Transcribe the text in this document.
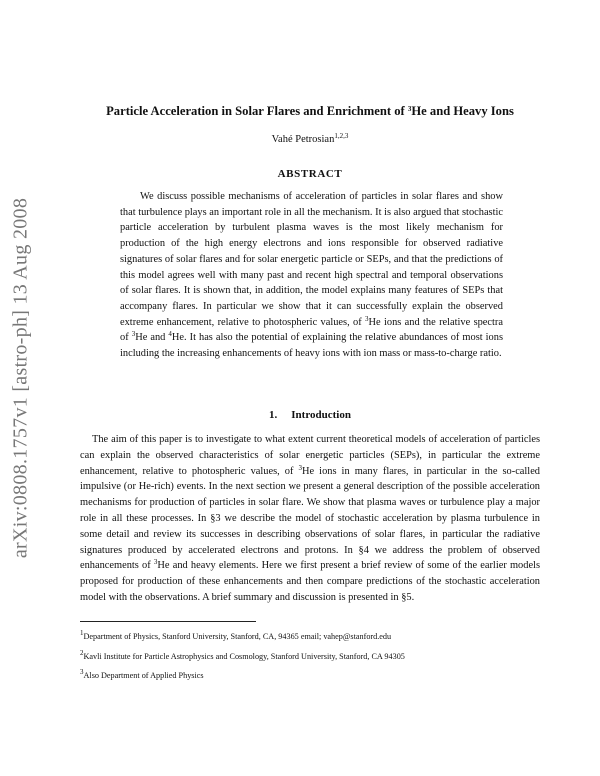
arXiv:0808.1757v1 [astro-ph] 13 Aug 2008
Particle Acceleration in Solar Flares and Enrichment of $^3$He and Heavy Ions
Vahé Petrosian$^{1,2,3}$
ABSTRACT

We discuss possible mechanisms of acceleration of particles in solar flares and show that turbulence plays an important role in all the mechanism. It is also argued that stochastic particle acceleration by turbulent plasma waves is the most likely mechanism for production of the high energy electrons and ions responsible for observed radiative signatures of solar flares and for solar energetic particle or SEPs, and that the predictions of this model agrees well with many past and recent high spectral and temporal observations of solar flares. It is shown that, in addition, the model explains many features of SEPs that accompany flares. In particular we show that it can successfully explain the observed extreme enhancement, relative to photospheric values, of $^3$He ions and the relative spectra of $^3$He and $^4$He. It has also the potential of explaining the relative abundances of most ions including the increasing enhancements of heavy ions with ion mass or mass-to-charge ratio.

1. Introduction

The aim of this paper is to investigate to what extent current theoretical models of acceleration of particles can explain the observed characteristics of solar energetic particles (SEPs), in particular the extreme enhancement, relative to photospheric values, of $^3$He ions in many flares, in particular in the so-called impulsive (or He-rich) events. In the next section we present a general description of the possible acceleration mechanisms for production of particles in solar flare. We show that plasma waves or turbulence play a major role in all these processes. In §3 we describe the model of stochastic acceleration by plasma turbulence in some detail and review its successes in describing observations of solar flares, in particular the radiative signatures produced by accelerated electrons and protons. In §4 we address the problem of observed enhancements of $^3$He and heavy elements. Here we first present a brief review of some of the earlier models proposed for production of these enhancements and then compare predictions of the stochastic acceleration model with the observations. A brief summary and discussion is presented in §5.

$^1$Department of Physics, Stanford University, Stanford, CA, 94365 email; vahep@stanford.edu
$^2$Kavli Institute for Particle Astrophysics and Cosmology, Stanford University, Stanford, CA 94305
$^3$Also Department of Applied Physics
